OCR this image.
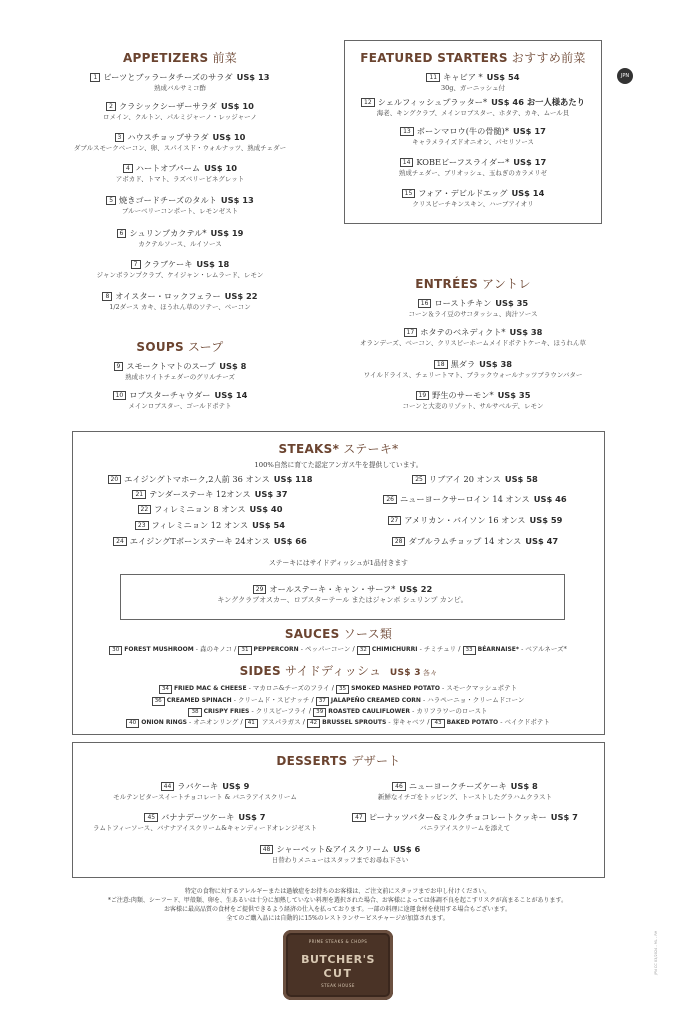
JPN
APPETIZERS 前菜
1 ビーツとブッラータチーズのサラダ US$ 13
熟成バルサミコ酢
2 クラシックシーザーサラダ US$ 10
ロメイン、クルトン、パルミジャーノ・レッジャーノ
3 ハウスチョップサラダ US$ 10
ダブルスモークベーコン、卵、スパイスド・ウォルナッツ、熟成チェダー
4 ハートオブパーム US$ 10
アボカド、トマト、ラズベリービネグレット
5 焼きゴードチーズのタルト US$ 13
ブルーベリーコンポート、レモンゼスト
6 シュリンプカクテル* US$ 19
カクテルソース、ルイソース
7 クラブケーキ US$ 18
ジャンボランプクラブ、ケイジャン・レムラード、レモン
8 オイスター・ロックフェラー US$ 22
1/2ダース カキ、ほうれん草のソテー、ベーコン
FEATURED STARTERS おすすめ前菜
11 キャビア * US$ 54
30g、ガーニッシュ付
12 シェルフィッシュプラッター* US$ 46 お一人様あたり
海老、キングクラブ、メインロブスター、ホタテ、カキ、ムール貝
13 ボーンマロウ(牛の骨髄)* US$ 17
キャラメライズドオニオン、パセリソース
14 KOBEビーフスライダー* US$ 17
熟成チェダー、ブリオッシュ、玉ねぎのカラメリゼ
15 フォア・デビルドエッグ US$ 14
クリスピーチキンスキン、ハーブアイオリ
SOUPS スープ
9 スモークトマトのスープ US$ 8
熟成ホワイトチェダーのグリルチーズ
10 ロブスターチャウダー US$ 14
メインロブスター、ゴールドポテト
ENTRÉES アントレ
16 ローストチキン US$ 35
コーン＆ライ豆のサコタッシュ、肉汁ソース
17 ホタテのベネディクト* US$ 38
オランデーズ、ベーコン、クリスピーホームメイドポテトケーキ、ほうれん草
18 黒ダラ US$ 38
ワイルドライス、チェリートマト、ブラックウォールナッツブラウンバター
19 野生のサーモン* US$ 35
コーンと大麦のリゾット、サルサベルデ、レモン
STEAKS* ステーキ*
100%自然に育てた認定アンガス牛を提供しています。
20 エイジングトマホーク,2人前 36 オンス US$ 118
21 テンダーステーキ 12オンス US$ 37
22 フィレミニョン 8 オンス US$ 40
23 フィレミニョン 12 オンス US$ 54
24 エイジングTボーンステーキ 24オンス US$ 66
25 リブアイ 20 オンス US$ 58
26 ニューヨークサーロイン 14 オンス US$ 46
27 アメリカン・バイソン 16 オンス US$ 59
28 ダブルラムチョップ 14 オンス US$ 47
ステーキにはサイドディッシュが1品付きます
29 オールステーキ・キャン・サーフ* US$ 22
キングクラブオスカー、ロブスターテール またはジャンボ シュリンプ カンピ。
SAUCES ソース類
30 FOREST MUSHROOM - 森のキノコ / 31 PEPPERCORN - ペッパーコーン / 32 CHIMICHURRI - チミチュリ / 33 BÉARNAISE* - ベアルネーズ*
SIDES サイドディッシュ US$ 3 各々
34 FRIED MAC & CHEESE - マカロニ&チーズのフライ / 35 SMOKED MASHED POTATO - スモークマッシュポテト
36 CREAMED SPINACH - クリームド・スピナッチ / 37 JALAPEÑO CREAMED CORN - ハラペーニョ・クリームドコーン
38 CRISPY FRIES - クリスピーフライ / 39 ROASTED CAULIFLOWER - カリフラワーのロースト
40 ONION RINGS - オニオンリング / 41 アスパラガス / 42 BRUSSEL SPROUTS - 芽キャベツ / 43 BAKED POTATO - ベイクドポテト
DESSERTS デザート
44 ラバケーキ US$ 9
モルテンビタースイートチョコレート & バニラアイスクリーム
46 ニューヨークチーズケーキ US$ 8
新鮮なイチゴをトッピング、トーストしたグラハムクラスト
45 バナナデーツケーキ US$ 7
ラムトフィーソース、バナナアイスクリーム&キャンディードオレンジゼスト
47 ピーナッツバター&ミルクチョコレートクッキー US$ 7
バニラアイスクリームを添えて
48 シャーベット&アイスクリーム US$ 6
日替わりメニューはスタッフまでお尋ね下さい
特定の食物に対するアレルギーまたは過敏症をお持ちのお客様は、ご注文前にスタッフまでお申し付けください。
*ご注意:肉類、シーフード、甲殻類、卵を、生あるいは十分に加熱していない料理を選択された場合、お客様によっては体調不良を起こすリスクが高まることがあります。
お客様に最高品質の食材をご提供できるよう経済の仕入を払っております。一部の料理に途運食材を使用する場合もございます。
全てのご購入品には自動的に15%のレストランサービスチャージが加算されます。
PRIME STEAKS & CHOPS
BUTCHER'S
CUT
STEAK HOUSE
JPN CC 03/2024 - ML - RH
